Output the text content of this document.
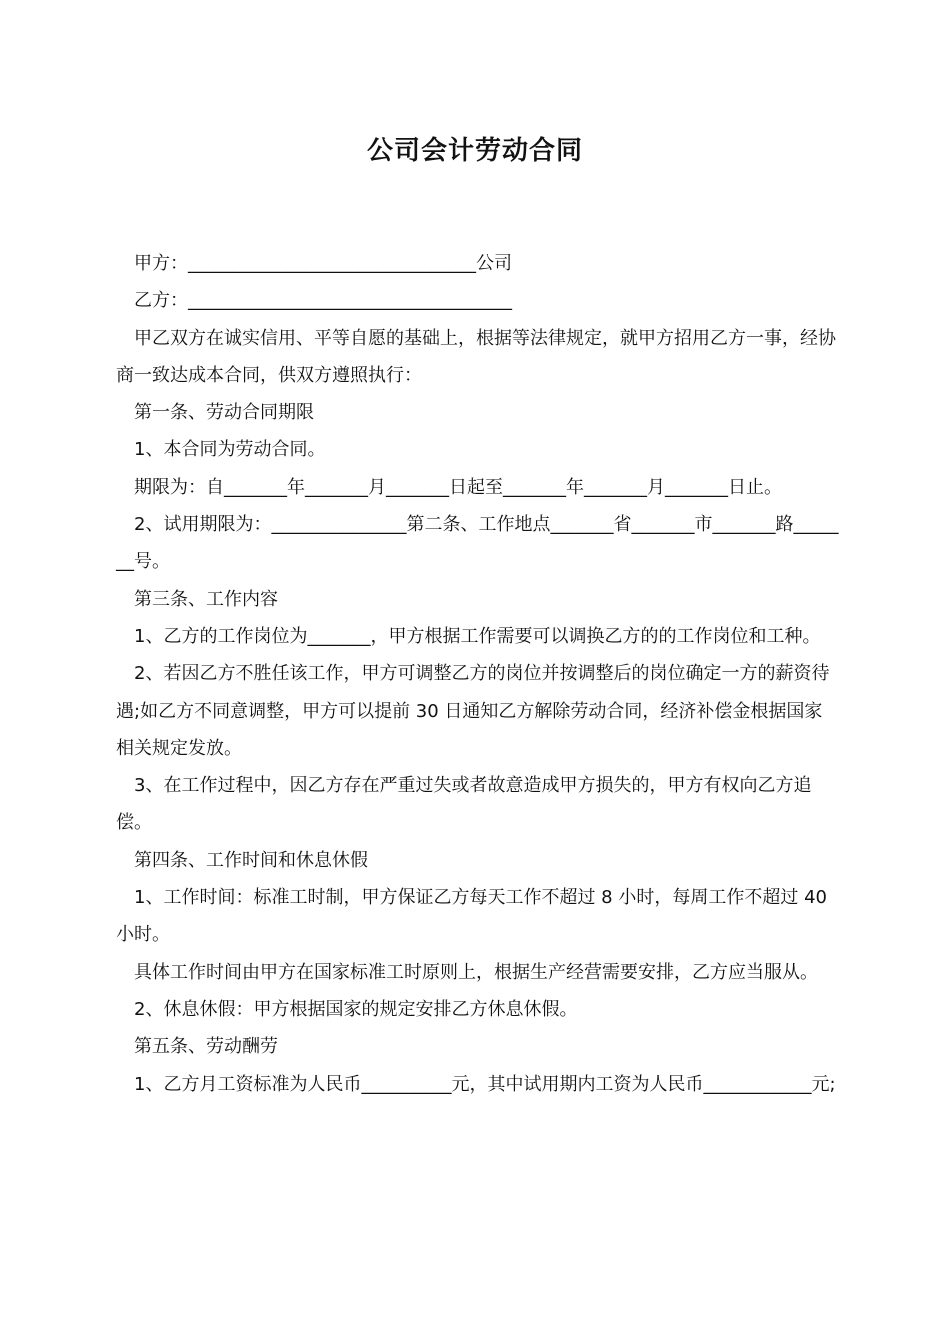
公司会计劳动合同

甲方：________________________________公司

乙方：____________________________________

甲乙双方在诚实信用、平等自愿的基础上，根据等法律规定，就甲方招用乙方一事，经协商一致达成本合同，供双方遵照执行：

第一条、劳动合同期限

1、本合同为劳动合同。

期限为：自_______年_______月_______日起至_______年_______月_______日止。

2、试用期限为：_______________第二条、工作地点_______省_______市_______路_______号。

第三条、工作内容

1、乙方的工作岗位为_______，甲方根据工作需要可以调换乙方的的工作岗位和工种。

2、若因乙方不胜任该工作，甲方可调整乙方的岗位并按调整后的岗位确定一方的薪资待遇;如乙方不同意调整，甲方可以提前 30 日通知乙方解除劳动合同，经济补偿金根据国家相关规定发放。

3、在工作过程中，因乙方存在严重过失或者故意造成甲方损失的，甲方有权向乙方追偿。

第四条、工作时间和休息休假

1、工作时间：标准工时制，甲方保证乙方每天工作不超过 8 小时，每周工作不超过 40 小时。

具体工作时间由甲方在国家标准工时原则上，根据生产经营需要安排，乙方应当服从。

2、休息休假：甲方根据国家的规定安排乙方休息休假。

第五条、劳动酬劳

1、乙方月工资标准为人民币__________元，其中试用期内工资为人民币____________元;
